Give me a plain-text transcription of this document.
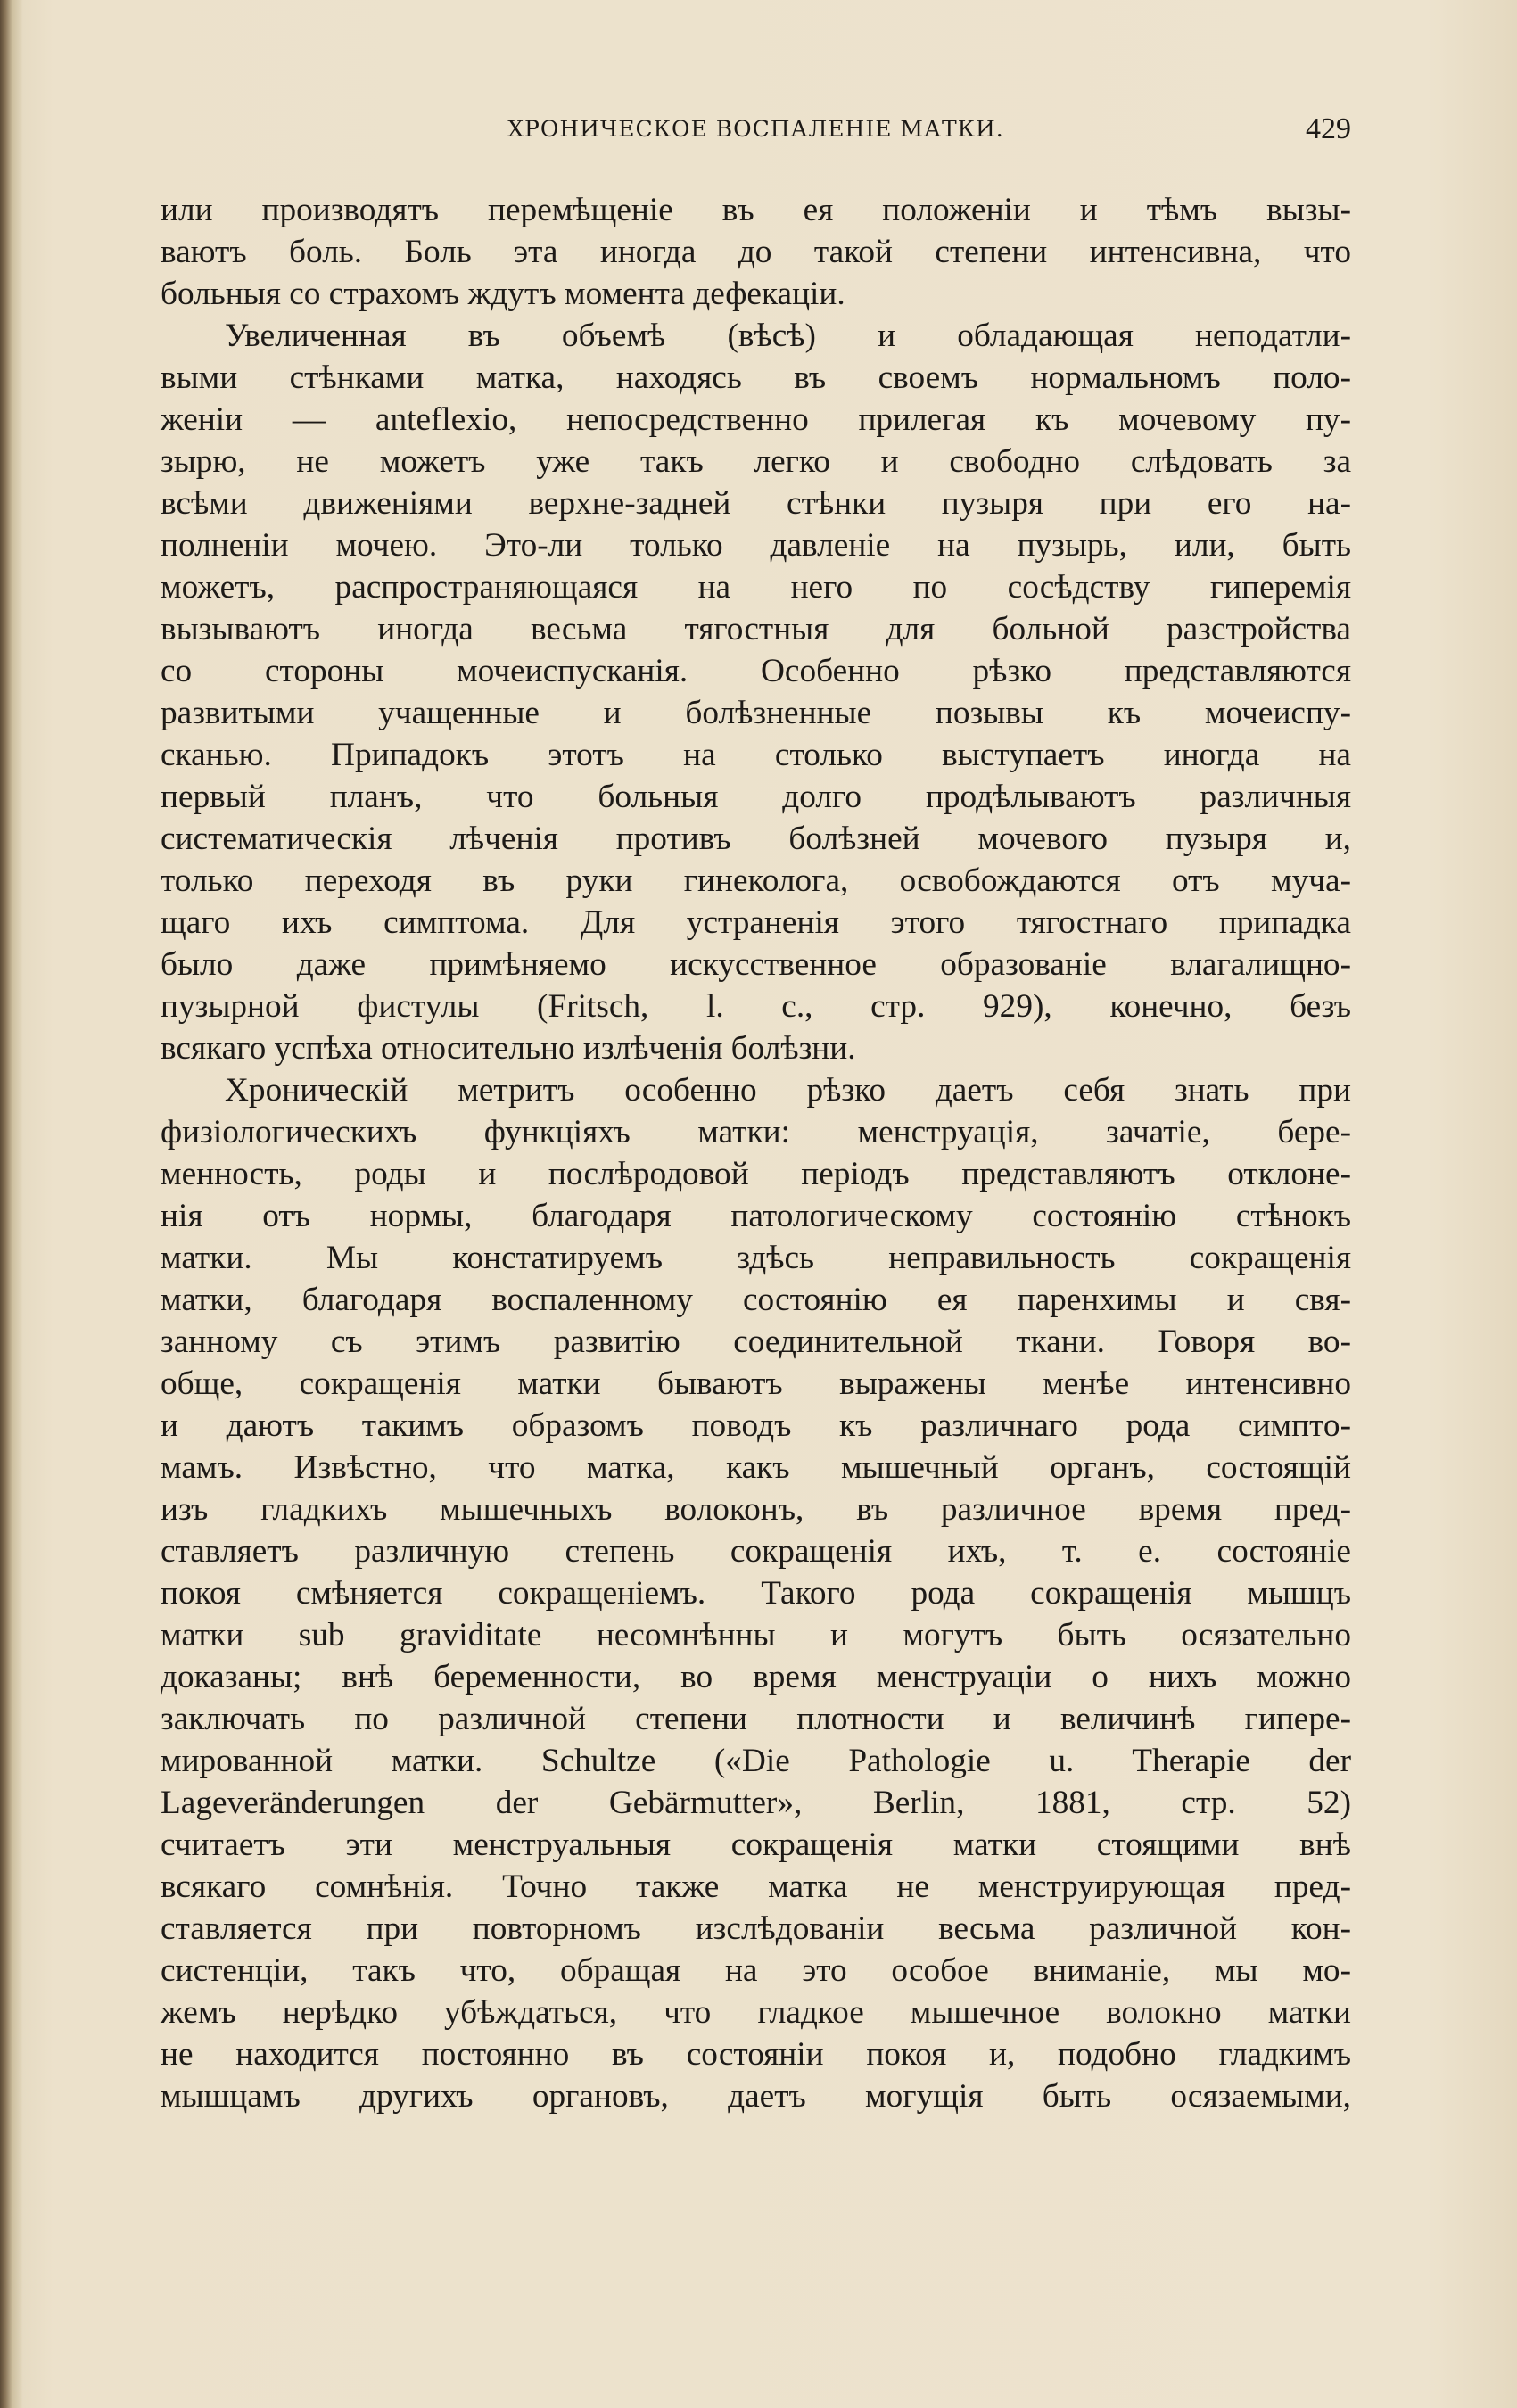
ХРОНИЧЕСКОЕ ВОСПАЛЕНІЕ МАТКИ.	429

или производятъ перемѣщеніе въ ея положеніи и тѣмъ вызы-
ваютъ боль. Боль эта иногда до такой степени интенсивна, что
больныя со страхомъ ждутъ момента дефекаціи.

Увеличенная въ объемѣ (вѣсѣ) и обладающая неподатли-
выми стѣнками матка, находясь въ своемъ нормальномъ поло-
женіи — anteflexio, непосредственно прилегая къ мочевому пу-
зырю, не можетъ уже такъ легко и свободно слѣдовать за
всѣми движеніями верхне-задней стѣнки пузыря при его на-
полненіи мочею. Это-ли только давленіе на пузырь, или, быть
можетъ, распространяющаяся на него по сосѣдству гиперемія
вызываютъ иногда весьма тягостныя для больной разстройства
со стороны мочеиспусканія. Особенно рѣзко представляются
развитыми учащенные и болѣзненные позывы къ мочеиспу-
сканью. Припадокъ этотъ на столько выступаетъ иногда на
первый планъ, что больныя долго продѣлываютъ различныя
систематическія лѣченія противъ болѣзней мочевого пузыря и,
только переходя въ руки гинеколога, освобождаются отъ муча-
щаго ихъ симптома. Для устраненія этого тягостнаго припадка
было даже примѣняемо искусственное образованіе влагалищно-
пузырной фистулы (Fritsch, l. c., стр. 929), конечно, безъ
всякаго успѣха относительно излѣченія болѣзни.

Хроническій метритъ особенно рѣзко даетъ себя знать при
физіологическихъ функціяхъ матки: менструація, зачатіе, бере-
менность, роды и послѣродовой періодъ представляютъ отклоне-
нія отъ нормы, благодаря патологическому состоянію стѣнокъ
матки. Мы констатируемъ здѣсь неправильность сокращенія
матки, благодаря воспаленному состоянію ея паренхимы и свя-
занному съ этимъ развитію соединительной ткани. Говоря во-
обще, сокращенія матки бываютъ выражены менѣе интенсивно
и даютъ такимъ образомъ поводъ къ различнаго рода симпто-
мамъ. Извѣстно, что матка, какъ мышечный органъ, состоящій
изъ гладкихъ мышечныхъ волоконъ, въ различное время пред-
ставляетъ различную степень сокращенія ихъ, т. е. состояніе
покоя смѣняется сокращеніемъ. Такого рода сокращенія мышцъ
матки sub gravidіtate несомнѣнны и могутъ быть осязательно
доказаны; внѣ беременности, во время менструаціи о нихъ можно
заключать по различной степени плотности и величинѣ гипере-
мированной матки. Schultze («Die Pathologie u. Therapie der
Lageveränderungen der Gebärmutter», Berlin, 1881, стр. 52)
считаетъ эти менструальныя сокращенія матки стоящими внѣ
всякаго сомнѣнія. Точно также матка не менструирующая пред-
ставляется при повторномъ изслѣдованіи весьма различной кон-
систенціи, такъ что, обращая на это особое вниманіе, мы мо-
жемъ нерѣдко убѣждаться, что гладкое мышечное волокно матки
не находится постоянно въ состояніи покоя и, подобно гладкимъ
мышцамъ другихъ органовъ, даетъ могущія быть осязаемыми,
